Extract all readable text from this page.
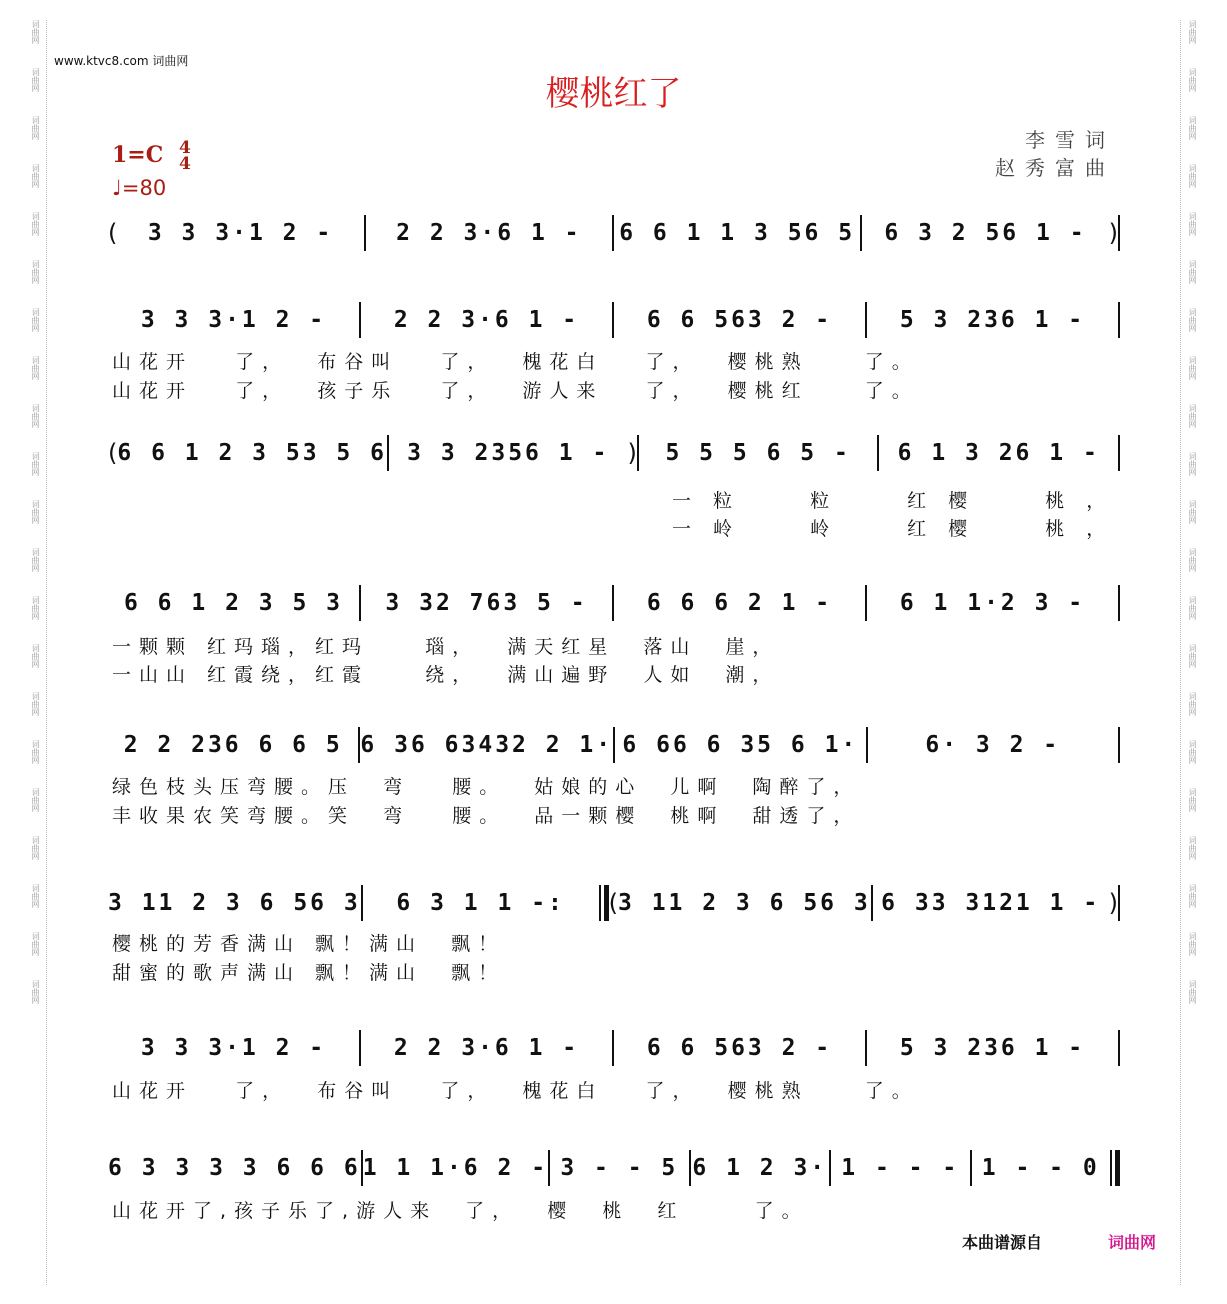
词曲网
词曲网
词曲网
词曲网
词曲网
词曲网
词曲网
词曲网
词曲网
词曲网
词曲网
词曲网
词曲网
词曲网
词曲网
词曲网
词曲网
词曲网
词曲网
词曲网
词曲网
词曲网
词曲网
词曲网
词曲网
词曲网
词曲网
词曲网
词曲网
词曲网
词曲网
词曲网
词曲网
词曲网
词曲网
词曲网
词曲网
词曲网
词曲网
词曲网
词曲网
词曲网
www.ktvc8.com 词曲网
樱桃红了
1=C 4
4
♩=80
李雪词
赵秀富曲
( 3 3 3·1 2 -	2 2 3·6 1 - 6 6 1 1 3 56 5 6 3 2 56 1 - )
3 3 3·1 2 -	2 2 3·6 1 -	6 6 563 2 -	5 3 236 1 -
( 6 6 1 2 3 53 5 6 3 3 2356 1 - ) 5 5 5 6 5 - 6 1 3 26 1 -
6 6 1 2 3 5 3 3 32 763 5 -	6 6 6 2 1 -	6 1 1·2 3 -
2 2 236 6 6 5 6 36 63432 2 1· 6 66 6 35 6 1·	6· 3 2 -
3 11 2 3 6 56 3 6 3 1 1 -: ( 3 11 2 3 6 56 3 6 33 3121 1 - )
3 3 3·1 2 -	2 2 3·6 1 -	6 6 563 2 -	5 3 236 1 -
6 3 3 3 3 6 6 6 1 1 1·6 2 - 3 - - 5 6 1 2 3· 1 - - - 1 - - 0
山花开   了，  布谷叫   了，  槐花白   了，  樱桃熟    了。
山花开   了，  孩子乐   了，  游人来   了，  樱桃红    了。
一粒  粒  红樱  桃，
一岭  岭  红樱  桃，
一颗颗 红玛瑙，红玛    瑙，  满天红星  落山  崖，
一山山 红霞绕，红霞    绕，  满山遍野  人如  潮，
绿色枝头压弯腰。压  弯   腰。  姑娘的心  儿啊  陶醉了，
丰收果农笑弯腰。笑  弯   腰。  品一颗樱  桃啊  甜透了，
樱桃的芳香满山 飘！满山  飘！
甜蜜的歌声满山 飘！满山  飘！
山花开   了，  布谷叫   了，  槐花白   了，  樱桃熟    了。
山花开了,孩子乐了,游人来  了，  樱  桃  红     了。
本曲谱源自	词曲网
